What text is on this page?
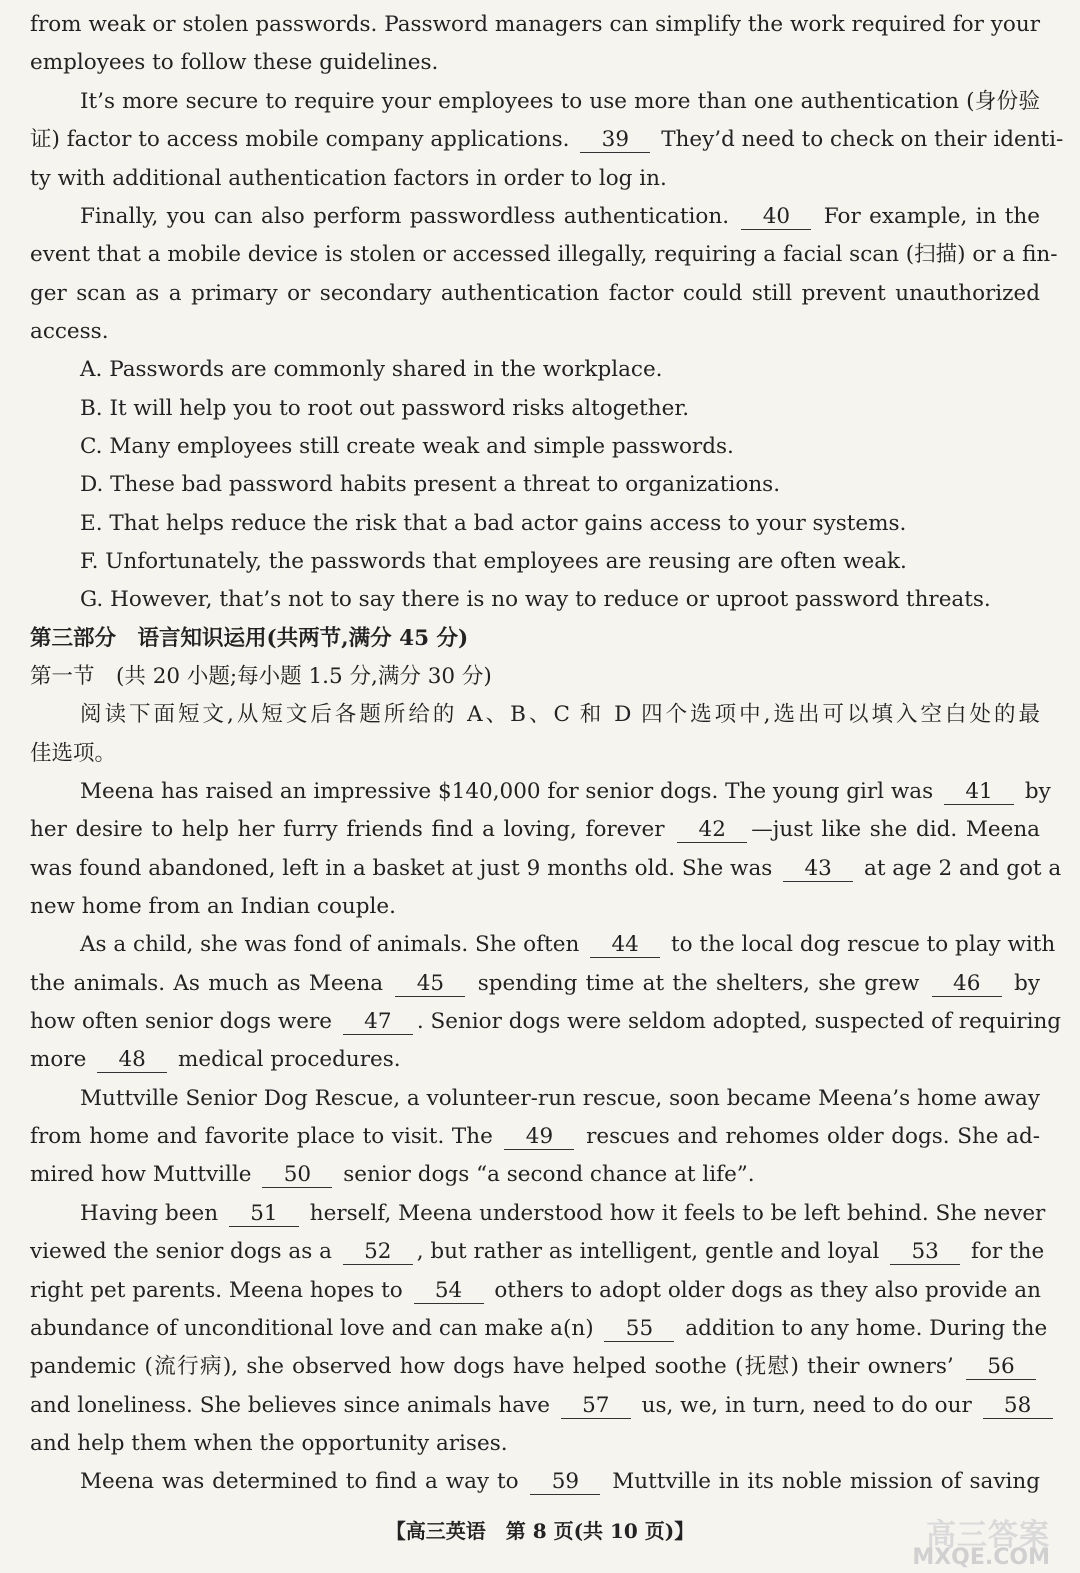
from weak or stolen passwords. Password managers can simplify the work required for your
employees to follow these guidelines.
It’s more secure to require your employees to use more than one authentication (身份验
证) factor to access mobile company applications. 39 They’d need to check on their identi-
ty with additional authentication factors in order to log in.
Finally, you can also perform passwordless authentication. 40 For example, in the
event that a mobile device is stolen or accessed illegally, requiring a facial scan (扫描) or a fin-
ger scan as a primary or secondary authentication factor could still prevent unauthorized
access.
A. Passwords are commonly shared in the workplace.
B. It will help you to root out password risks altogether.
C. Many employees still create weak and simple passwords.
D. These bad password habits present a threat to organizations.
E. That helps reduce the risk that a bad actor gains access to your systems.
F. Unfortunately, the passwords that employees are reusing are often weak.
G. However, that’s not to say there is no way to reduce or uproot password threats.
第三部分　语言知识运用(共两节,满分 45 分)
第一节　(共 20 小题;每小题 1.5 分,满分 30 分)
阅读下面短文,从短文后各题所给的 A、B、C 和 D 四个选项中,选出可以填入空白处的最
佳选项。
Meena has raised an impressive $140,000 for senior dogs. The young girl was 41 by
her desire to help her furry friends find a loving, forever 42 —just like she did. Meena
was found abandoned, left in a basket at just 9 months old. She was 43 at age 2 and got a
new home from an Indian couple.
As a child, she was fond of animals. She often 44 to the local dog rescue to play with
the animals. As much as Meena 45 spending time at the shelters, she grew 46 by
how often senior dogs were 47 . Senior dogs were seldom adopted, suspected of requiring
more 48 medical procedures.
Muttville Senior Dog Rescue, a volunteer-run rescue, soon became Meena’s home away
from home and favorite place to visit. The 49 rescues and rehomes older dogs. She ad-
mired how Muttville 50 senior dogs “a second chance at life”.
Having been 51 herself, Meena understood how it feels to be left behind. She never
viewed the senior dogs as a 52 , but rather as intelligent, gentle and loyal 53 for the
right pet parents. Meena hopes to 54 others to adopt older dogs as they also provide an
abundance of unconditional love and can make a(n) 55 addition to any home. During the
pandemic (流行病), she observed how dogs have helped soothe (抚慰) their owners’ 56
and loneliness. She believes since animals have 57 us, we, in turn, need to do our 58
and help them when the opportunity arises.
Meena was determined to find a way to 59 Muttville in its noble mission of saving
【高三英语　第 8 页(共 10 页)】	高三答案
MXQE.COM
